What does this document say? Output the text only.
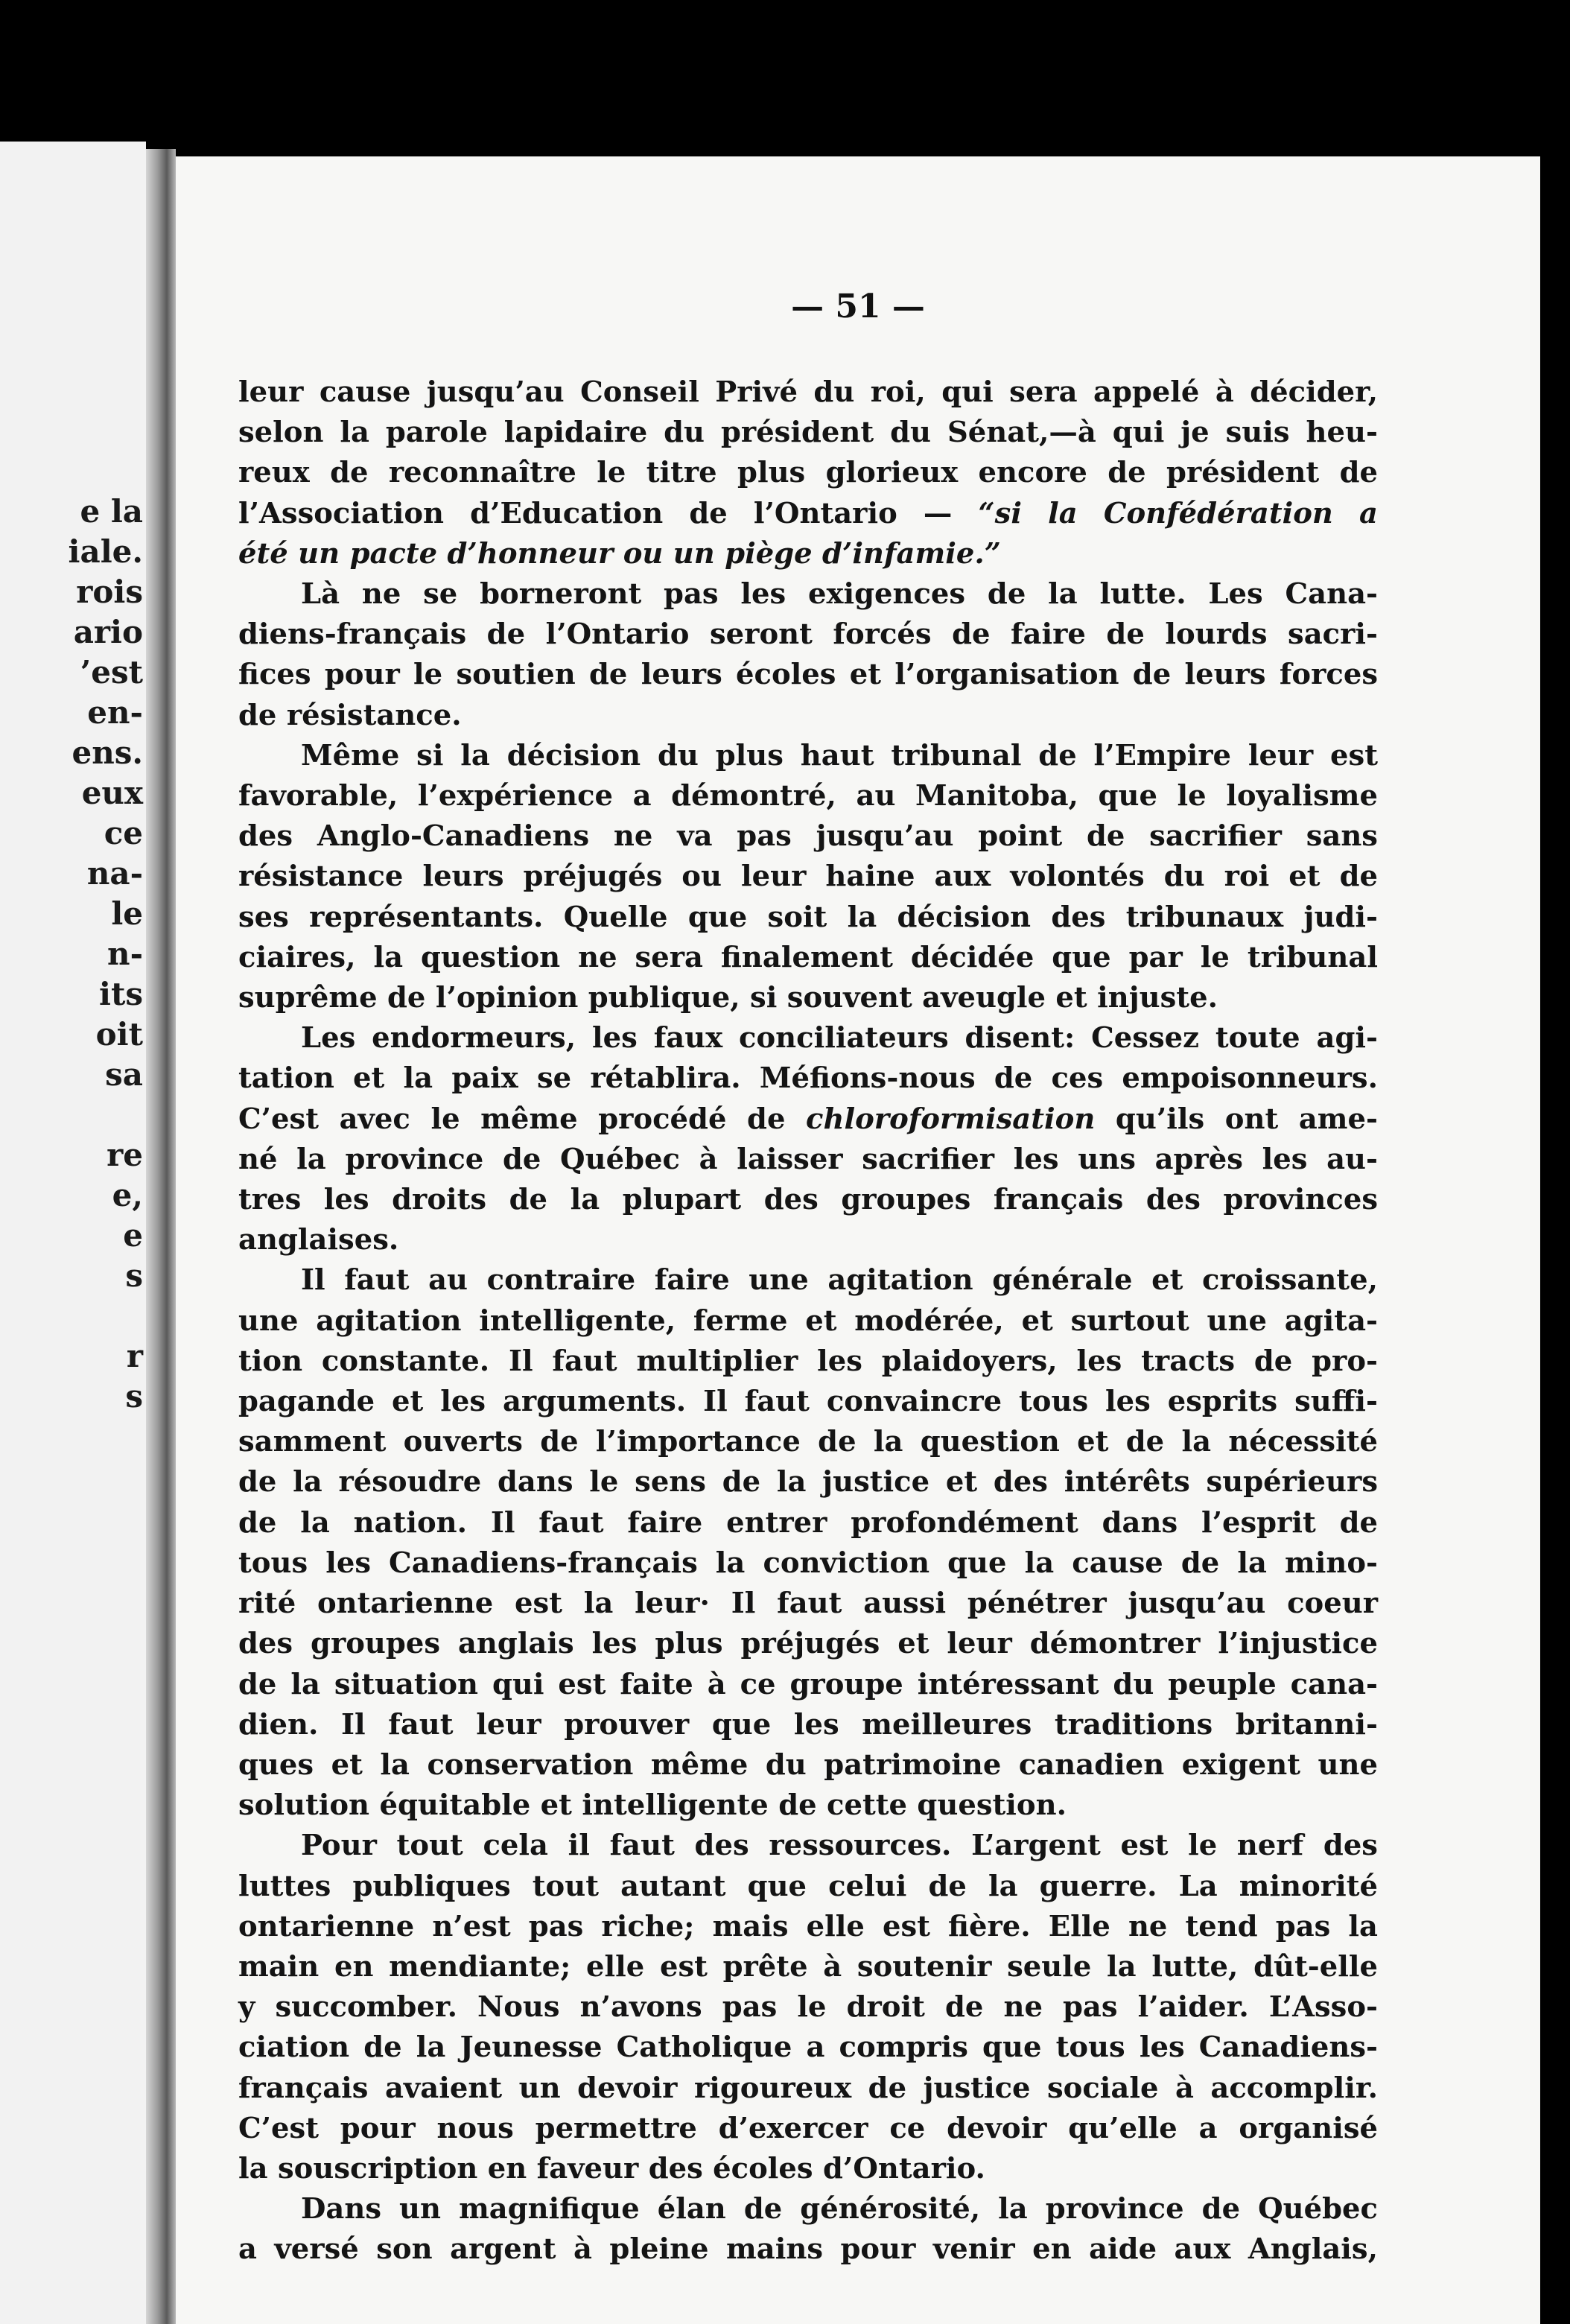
e la
iale.
rois
ario
’est
en-
ens.
eux
ce
na-
le
n-
its
oit
sa

re
e,
e
s

r
s
— 51 —
leur cause jusqu’au Conseil Privé du roi, qui sera appelé à décider,
selon la parole lapidaire du président du Sénat,—à qui je suis heu-
reux de reconnaître le titre plus glorieux encore de président de
l’Association d’Education de l’Ontario — “si la Confédération a
été un pacte d’honneur ou un piège d’infamie.”
Là ne se borneront pas les exigences de la lutte. Les Cana-
diens-français de l’Ontario seront forcés de faire de lourds sacri-
fices pour le soutien de leurs écoles et l’organisation de leurs forces
de résistance.
Même si la décision du plus haut tribunal de l’Empire leur est
favorable, l’expérience a démontré, au Manitoba, que le loyalisme
des Anglo-Canadiens ne va pas jusqu’au point de sacrifier sans
résistance leurs préjugés ou leur haine aux volontés du roi et de
ses représentants. Quelle que soit la décision des tribunaux judi-
ciaires, la question ne sera finalement décidée que par le tribunal
suprême de l’opinion publique, si souvent aveugle et injuste.
Les endormeurs, les faux conciliateurs disent: Cessez toute agi-
tation et la paix se rétablira. Méfions-nous de ces empoisonneurs.
C’est avec le même procédé de chloroformisation qu’ils ont ame-
né la province de Québec à laisser sacrifier les uns après les au-
tres les droits de la plupart des groupes français des provinces
anglaises.
Il faut au contraire faire une agitation générale et croissante,
une agitation intelligente, ferme et modérée, et surtout une agita-
tion constante. Il faut multiplier les plaidoyers, les tracts de pro-
pagande et les arguments. Il faut convaincre tous les esprits suffi-
samment ouverts de l’importance de la question et de la nécessité
de la résoudre dans le sens de la justice et des intérêts supérieurs
de la nation. Il faut faire entrer profondément dans l’esprit de
tous les Canadiens-français la conviction que la cause de la mino-
rité ontarienne est la leur· Il faut aussi pénétrer jusqu’au coeur
des groupes anglais les plus préjugés et leur démontrer l’injustice
de la situation qui est faite à ce groupe intéressant du peuple cana-
dien. Il faut leur prouver que les meilleures traditions britanni-
ques et la conservation même du patrimoine canadien exigent une
solution équitable et intelligente de cette question.
Pour tout cela il faut des ressources. L’argent est le nerf des
luttes publiques tout autant que celui de la guerre. La minorité
ontarienne n’est pas riche; mais elle est fière. Elle ne tend pas la
main en mendiante; elle est prête à soutenir seule la lutte, dût-elle
y succomber. Nous n’avons pas le droit de ne pas l’aider. L’Asso-
ciation de la Jeunesse Catholique a compris que tous les Canadiens-
français avaient un devoir rigoureux de justice sociale à accomplir.
C’est pour nous permettre d’exercer ce devoir qu’elle a organisé
la souscription en faveur des écoles d’Ontario.
Dans un magnifique élan de générosité, la province de Québec
a versé son argent à pleine mains pour venir en aide aux Anglais,
